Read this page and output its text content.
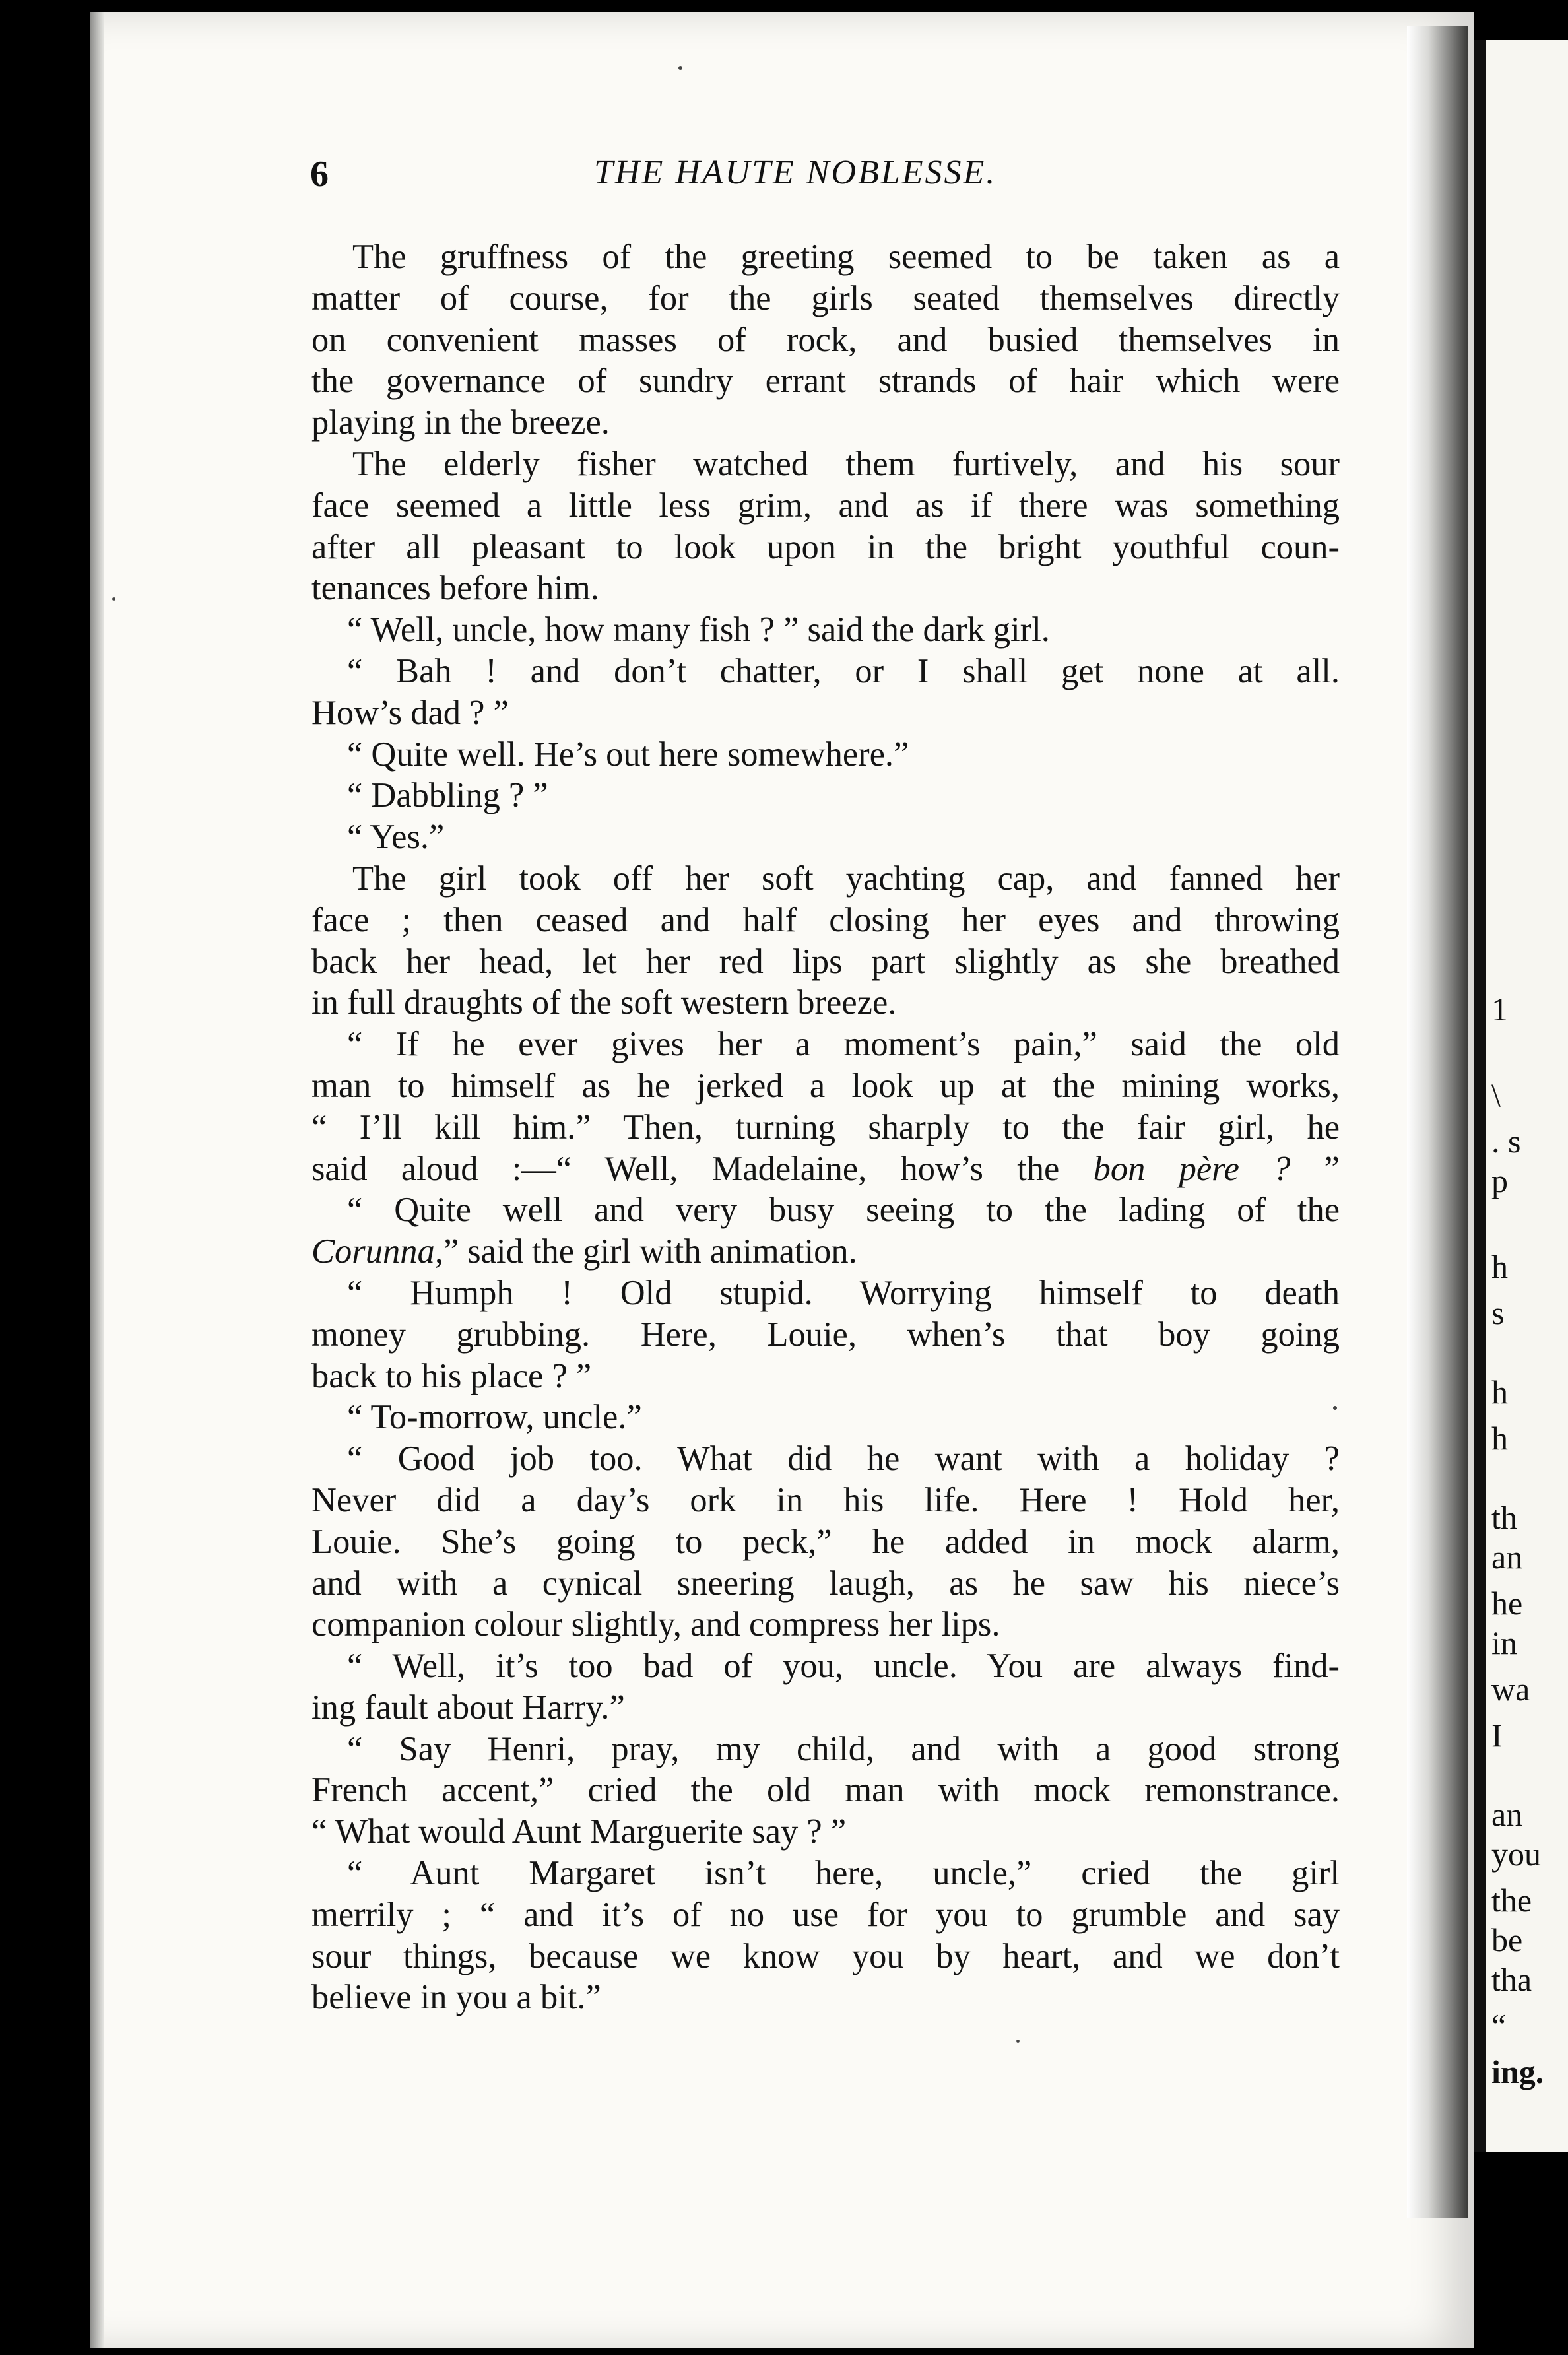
1
\
. s
p
h
s
h
h
th
an
he
in
wa
I
an
you
the
be
tha
“
ing.
6	THE HAUTE NOBLESSE.
The gruffness of the greeting seemed to be taken as a
matter of course, for the girls seated themselves directly
on convenient masses of rock, and busied themselves in
the governance of sundry errant strands of hair which were
playing in the breeze.
The elderly fisher watched them furtively, and his sour
face seemed a little less grim, and as if there was something
after all pleasant to look upon in the bright youthful coun-
tenances before him.
“ Well, uncle, how many fish ? ” said the dark girl.
“ Bah ! and don’t chatter, or I shall get none at all.
How’s dad ? ”
“ Quite well. He’s out here somewhere.”
“ Dabbling ? ”
“ Yes.”
The girl took off her soft yachting cap, and fanned her
face ; then ceased and half closing her eyes and throwing
back her head, let her red lips part slightly as she breathed
in full draughts of the soft western breeze.
“ If he ever gives her a moment’s pain,” said the old
man to himself as he jerked a look up at the mining works,
“ I’ll kill him.” Then, turning sharply to the fair girl, he
said aloud :—“ Well, Madelaine, how’s the bon père ? ”
“ Quite well and very busy seeing to the lading of the
Corunna,” said the girl with animation.
“ Humph ! Old stupid. Worrying himself to death
money grubbing. Here, Louie, when’s that boy going
back to his place ? ”
“ To-morrow, uncle.”
“ Good job too. What did he want with a holiday ?
Never did a day’s ork in his life. Here ! Hold her,
Louie. She’s going to peck,” he added in mock alarm,
and with a cynical sneering laugh, as he saw his niece’s
companion colour slightly, and compress her lips.
“ Well, it’s too bad of you, uncle. You are always find-
ing fault about Harry.”
“ Say Henri, pray, my child, and with a good strong
French accent,” cried the old man with mock remonstrance.
“ What would Aunt Marguerite say ? ”
“ Aunt Margaret isn’t here, uncle,” cried the girl
merrily ; “ and it’s of no use for you to grumble and say
sour things, because we know you by heart, and we don’t
believe in you a bit.”
